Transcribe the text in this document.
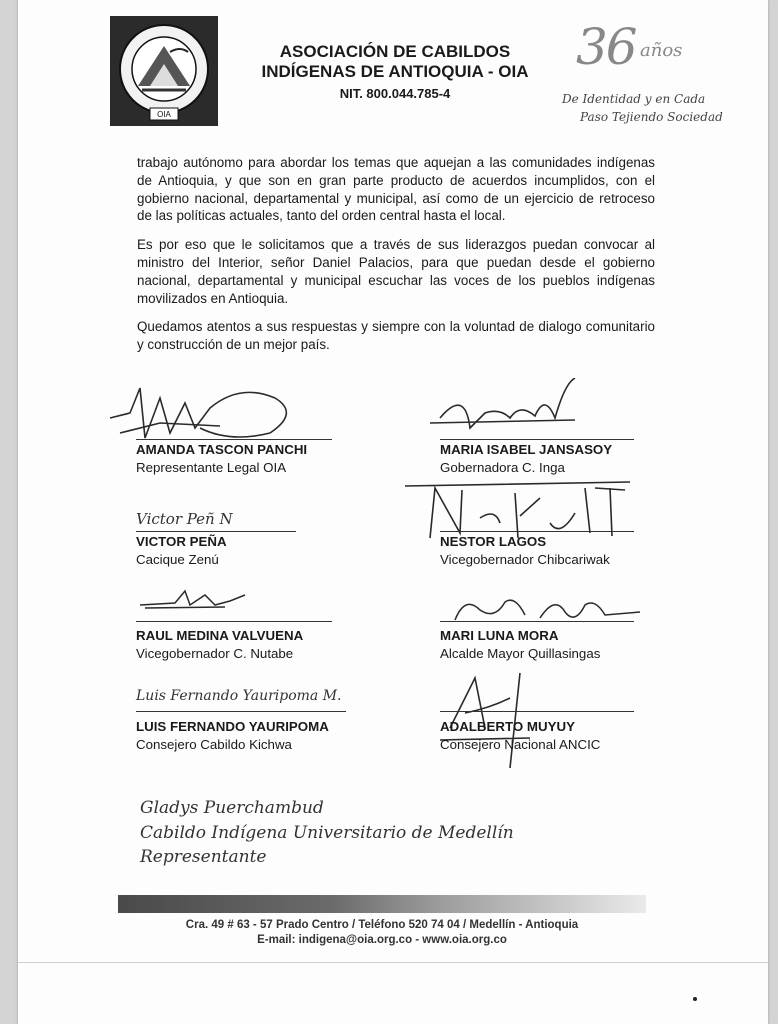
OIA
ASOCIACIÓN DE CABILDOS
INDÍGENAS DE ANTIOQUIA - OIA
NIT. 800.044.785-4
36 años
De Identidad y en Cada
Paso Tejiendo Sociedad

trabajo autónomo para abordar los temas que aquejan a las comunidades indígenas de Antioquia, y que son en gran parte producto de acuerdos incumplidos, con el gobierno nacional, departamental y municipal, así como de un ejercicio de retroceso de las políticas actuales, tanto del orden central hasta el local.

Es por eso que le solicitamos que a través de sus liderazgos puedan convocar al ministro del Interior, señor Daniel Palacios, para que puedan desde el gobierno nacional, departamental y municipal escuchar las voces de los pueblos indígenas movilizados en Antioquia.

Quedamos atentos a sus respuestas y siempre con la voluntad de dialogo comunitario y construcción de un mejor país.

Victor Peñ N
Luis Fernando Yauripoma M.
AMANDA TASCON PANCHI
Representante Legal OIA
MARIA ISABEL JANSASOY
Gobernadora C. Inga
VICTOR PEÑA
Cacique Zenú
NESTOR LAGOS
Vicegobernador Chibcariwak
RAUL MEDINA VALVUENA
Vicegobernador C. Nutabe
MARI LUNA MORA
Alcalde Mayor Quillasingas
LUIS FERNANDO YAURIPOMA
Consejero Cabildo Kichwa
ADALBERTO MUYUY
Consejero Nacional ANCIC
Gladys Puerchambud
Cabildo Indígena Universitario de Medellín
Representante
Cra. 49 # 63 - 57 Prado Centro / Teléfono 520 74 04 / Medellín - Antioquia
E-mail: indigena@oia.org.co - www.oia.org.co
